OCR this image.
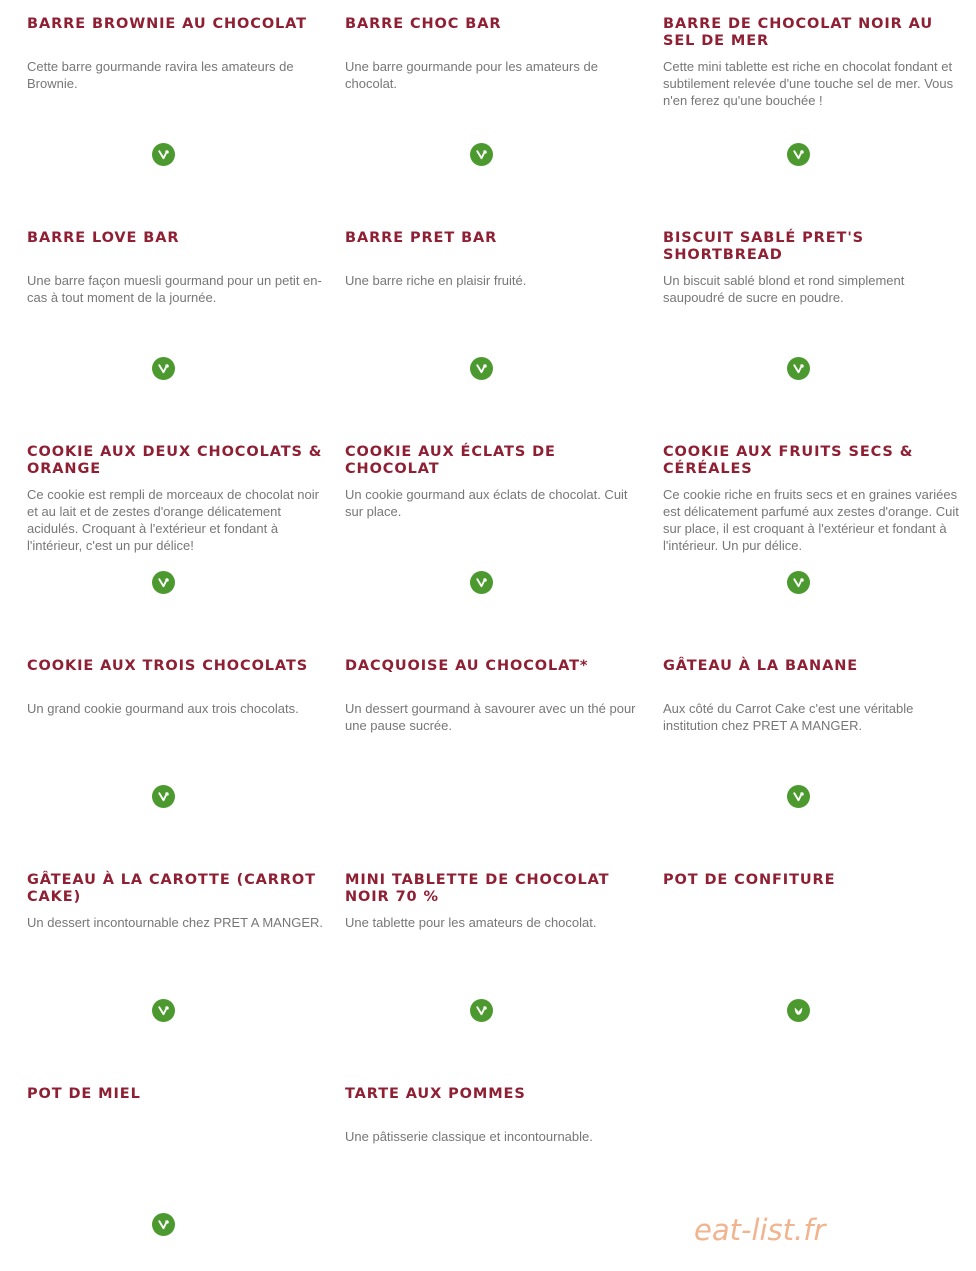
BARRE BROWNIE AU CHOCOLAT

Cette barre gourmande ravira les amateurs de Brownie.

BARRE CHOC BAR

Une barre gourmande pour les amateurs de chocolat.

BARRE DE CHOCOLAT NOIR AU SEL DE MER

Cette mini tablette est riche en chocolat fondant et subtilement relevée d'une touche sel de mer. Vous n'en ferez qu'une bouchée !

BARRE LOVE BAR

Une barre façon muesli gourmand pour un petit en-cas à tout moment de la journée.

BARRE PRET BAR

Une barre riche en plaisir fruité.

BISCUIT SABLÉ PRET'S SHORTBREAD

Un biscuit sablé blond et rond simplement saupoudré de sucre en poudre.

COOKIE AUX DEUX CHOCOLATS & ORANGE

Ce cookie est rempli de morceaux de chocolat noir et au lait et de zestes d'orange délicatement acidulés. Croquant à l'extérieur et fondant à l'intérieur, c'est un pur délice!

COOKIE AUX ÉCLATS DE CHOCOLAT

Un cookie gourmand aux éclats de chocolat. Cuit sur place.

COOKIE AUX FRUITS SECS & CÉRÉALES

Ce cookie riche en fruits secs et en graines variées est délicatement parfumé aux zestes d'orange. Cuit sur place, il est croquant à l'extérieur et fondant à l'intérieur. Un pur délice.

COOKIE AUX TROIS CHOCOLATS

Un grand cookie gourmand aux trois chocolats.

DACQUOISE AU CHOCOLAT*

Un dessert gourmand à savourer avec un thé pour une pause sucrée.

GÂTEAU À LA BANANE

Aux côté du Carrot Cake c'est une véritable institution chez PRET A MANGER.

GÂTEAU À LA CAROTTE (CARROT CAKE)

Un dessert incontournable chez PRET A MANGER.

MINI TABLETTE DE CHOCOLAT NOIR 70 %

Une tablette pour les amateurs de chocolat.

POT DE CONFITURE

POT DE MIEL	TARTE AUX POMMES

Une pâtisserie classique et incontournable.

eat-list.fr
